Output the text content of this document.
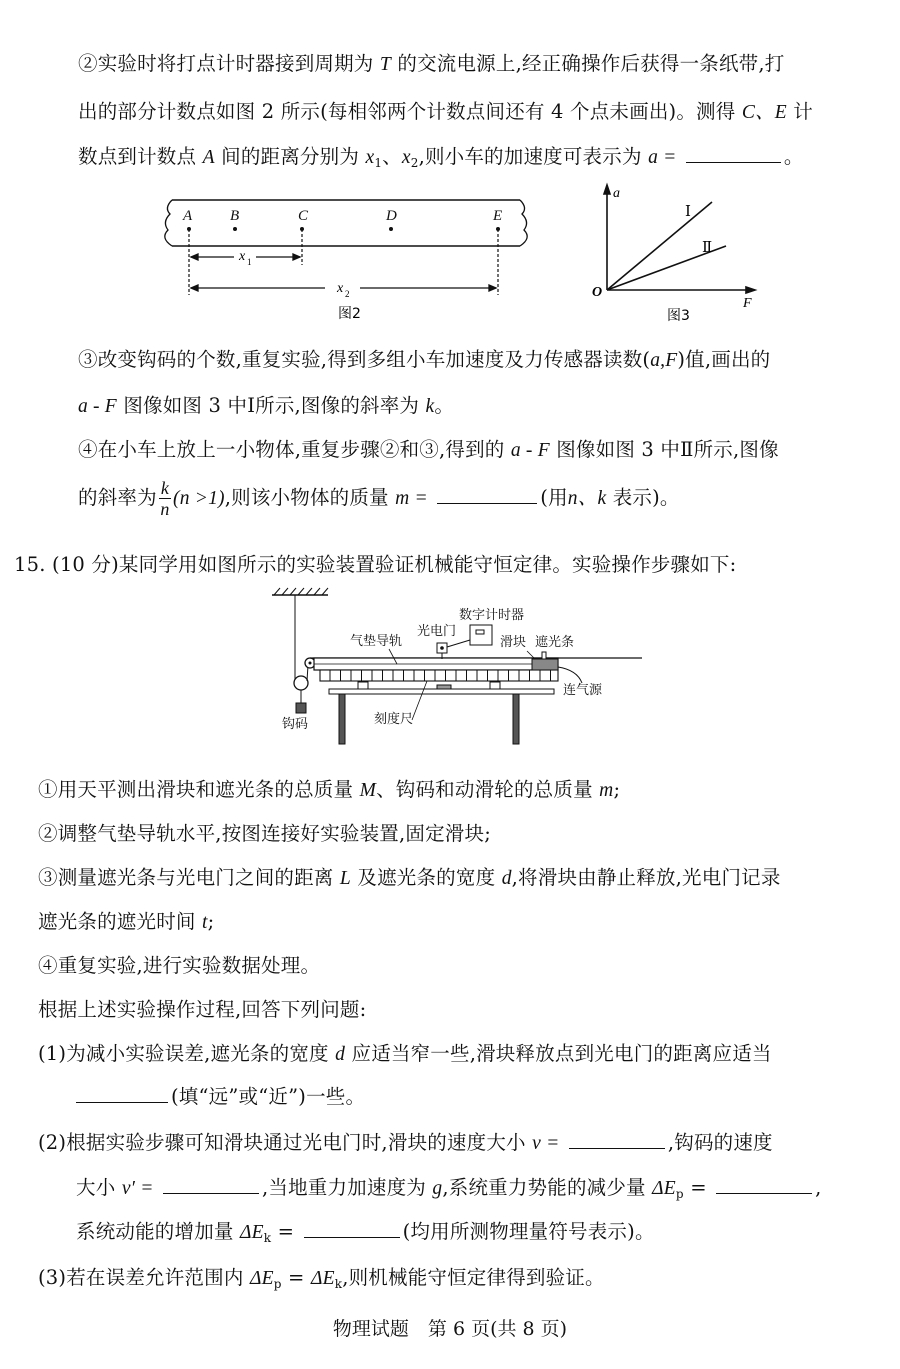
②实验时将打点计时器接到周期为 T 的交流电源上,经正确操作后获得一条纸带,打
出的部分计数点如图 2 所示(每相邻两个计数点间还有 4 个点未画出)。测得 C、E 计
数点到计数点 A 间的距离分别为 $x_1$、$x_2$,则小车的加速度可表示为 a =	。
A	B	C	D	E
x 1
x 2
图2
a
F
O
Ⅰ
Ⅱ
图3
③改变钩码的个数,重复实验,得到多组小车加速度及力传感器读数(a,F)值,画出的
a - F 图像如图 3 中Ⅰ所示,图像的斜率为 k。
④在小车上放上一小物体,重复步骤②和③,得到的 a - F 图像如图 3 中Ⅱ所示,图像
的斜率为 $\frac{k}{n} (n >1)$,则该小物体的质量 m =	(用n、k 表示)。
15. (10 分)某同学用如图所示的实验装置验证机械能守恒定律。实验操作步骤如下:
数字计时器
光电门
气垫导轨	滑块 遮光条
连气源
刻度尺
钩码
①用天平测出滑块和遮光条的总质量 M、钩码和动滑轮的总质量 m;
②调整气垫导轨水平,按图连接好实验装置,固定滑块;
③测量遮光条与光电门之间的距离 L 及遮光条的宽度 d,将滑块由静止释放,光电门记录
遮光条的遮光时间 t;
④重复实验,进行实验数据处理。
根据上述实验操作过程,回答下列问题:
(1)为减小实验误差,遮光条的宽度 d 应适当窄一些,滑块释放点到光电门的距离应适当
(填“远”或“近”)一些。
(2)根据实验步骤可知滑块通过光电门时,滑块的速度大小 v =	,钩码的速度
大小 v′ =	,当地重力加速度为 g,系统重力势能的减少量 $\Delta E_p$ =	,
系统动能的增加量 $\Delta E_k$ =	(均用所测物理量符号表示)。
(3)若在误差允许范围内 $\Delta E_p = \Delta E_k$,则机械能守恒定律得到验证。
物理试题　第 6 页(共 8 页)
